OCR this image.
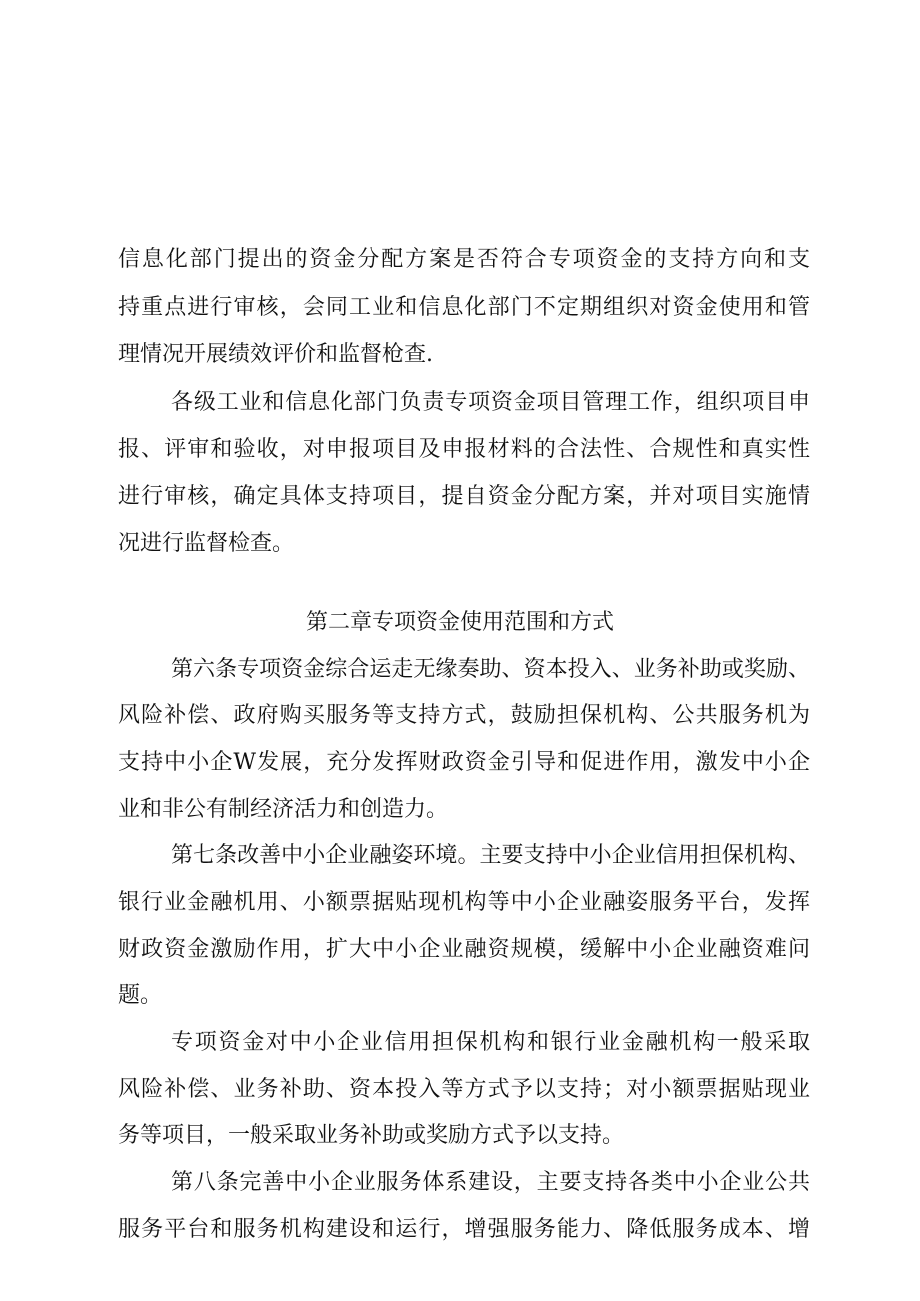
信息化部门提出的资金分配方案是否符合专项资金的支持方向和支
持重点进行审核，会同工业和信息化部门不定期组织对资金使用和管
理情况开展绩效评价和监督枪查.
各级工业和信息化部门负责专项资金项目管理工作，组织项目申
报、评审和验收，对申报项目及申报材料的合法性、合规性和真实性
进行审核，确定具体支持项目，提自资金分配方案，并对项目实施情
况进行监督检查。
第二章专项资金使用范围和方式
第六条专项资金综合运走无缘奏助、资本投入、业务补助或奖励、
风险补偿、政府购买服务等支持方式，鼓励担保机构、公共服务机为
支持中小企W发展，充分发挥财政资金引导和促进作用，激发中小企
业和非公有制经济活力和创造力。
第七条改善中小企业融姿环境。主要支持中小企业信用担保机构、
银行业金融机用、小额票据贴现机构等中小企业融姿服务平台，发挥
财政资金激励作用，扩大中小企业融资规模，缓解中小企业融资难问
题。
专项资金对中小企业信用担保机构和银行业金融机构一般采取
风险补偿、业务补助、资本投入等方式予以支持；对小额票据贴现业
务等项目，一般采取业务补助或奖励方式予以支持。
第八条完善中小企业服务体系建设，主要支持各类中小企业公共
服务平台和服务机构建设和运行，增强服务能力、降低服务成本、增
